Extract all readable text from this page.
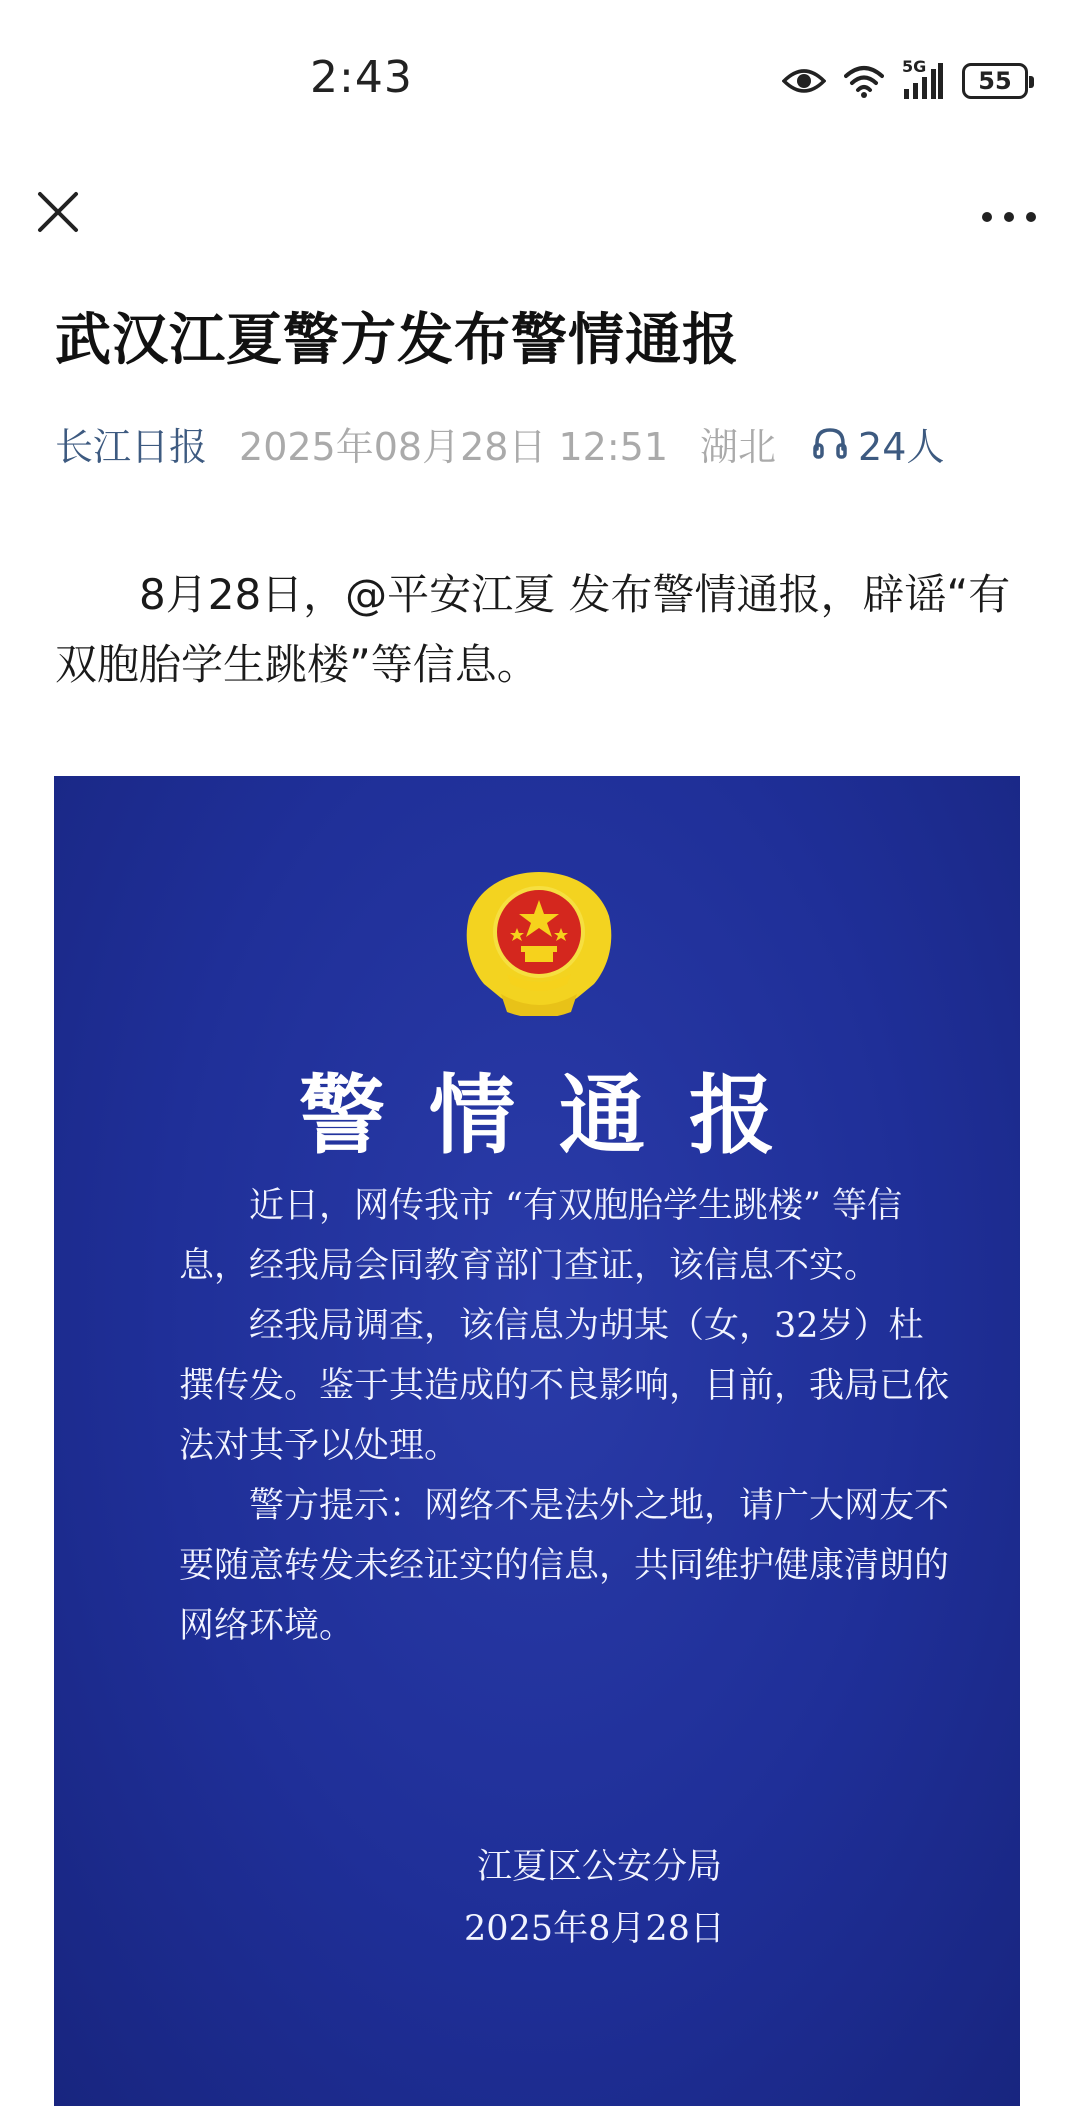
2:43	5G
55
武汉江夏警方发布警情通报
长江日报 2025年08月28日 12:51 湖北 24人

8月28日，@平安江夏 发布警情通报，辟谣“有双胞胎学生跳楼”等信息。

警情通报

近日，网传我市 “有双胞胎学生跳楼” 等信息，经我局会同教育部门查证，该信息不实。

经我局调查，该信息为胡某（女，32岁）杜撰传发。鉴于其造成的不良影响，目前，我局已依法对其予以处理。

警方提示：网络不是法外之地，请广大网友不要随意转发未经证实的信息，共同维护健康清朗的网络环境。

江夏区公安分局
2025年8月28日
